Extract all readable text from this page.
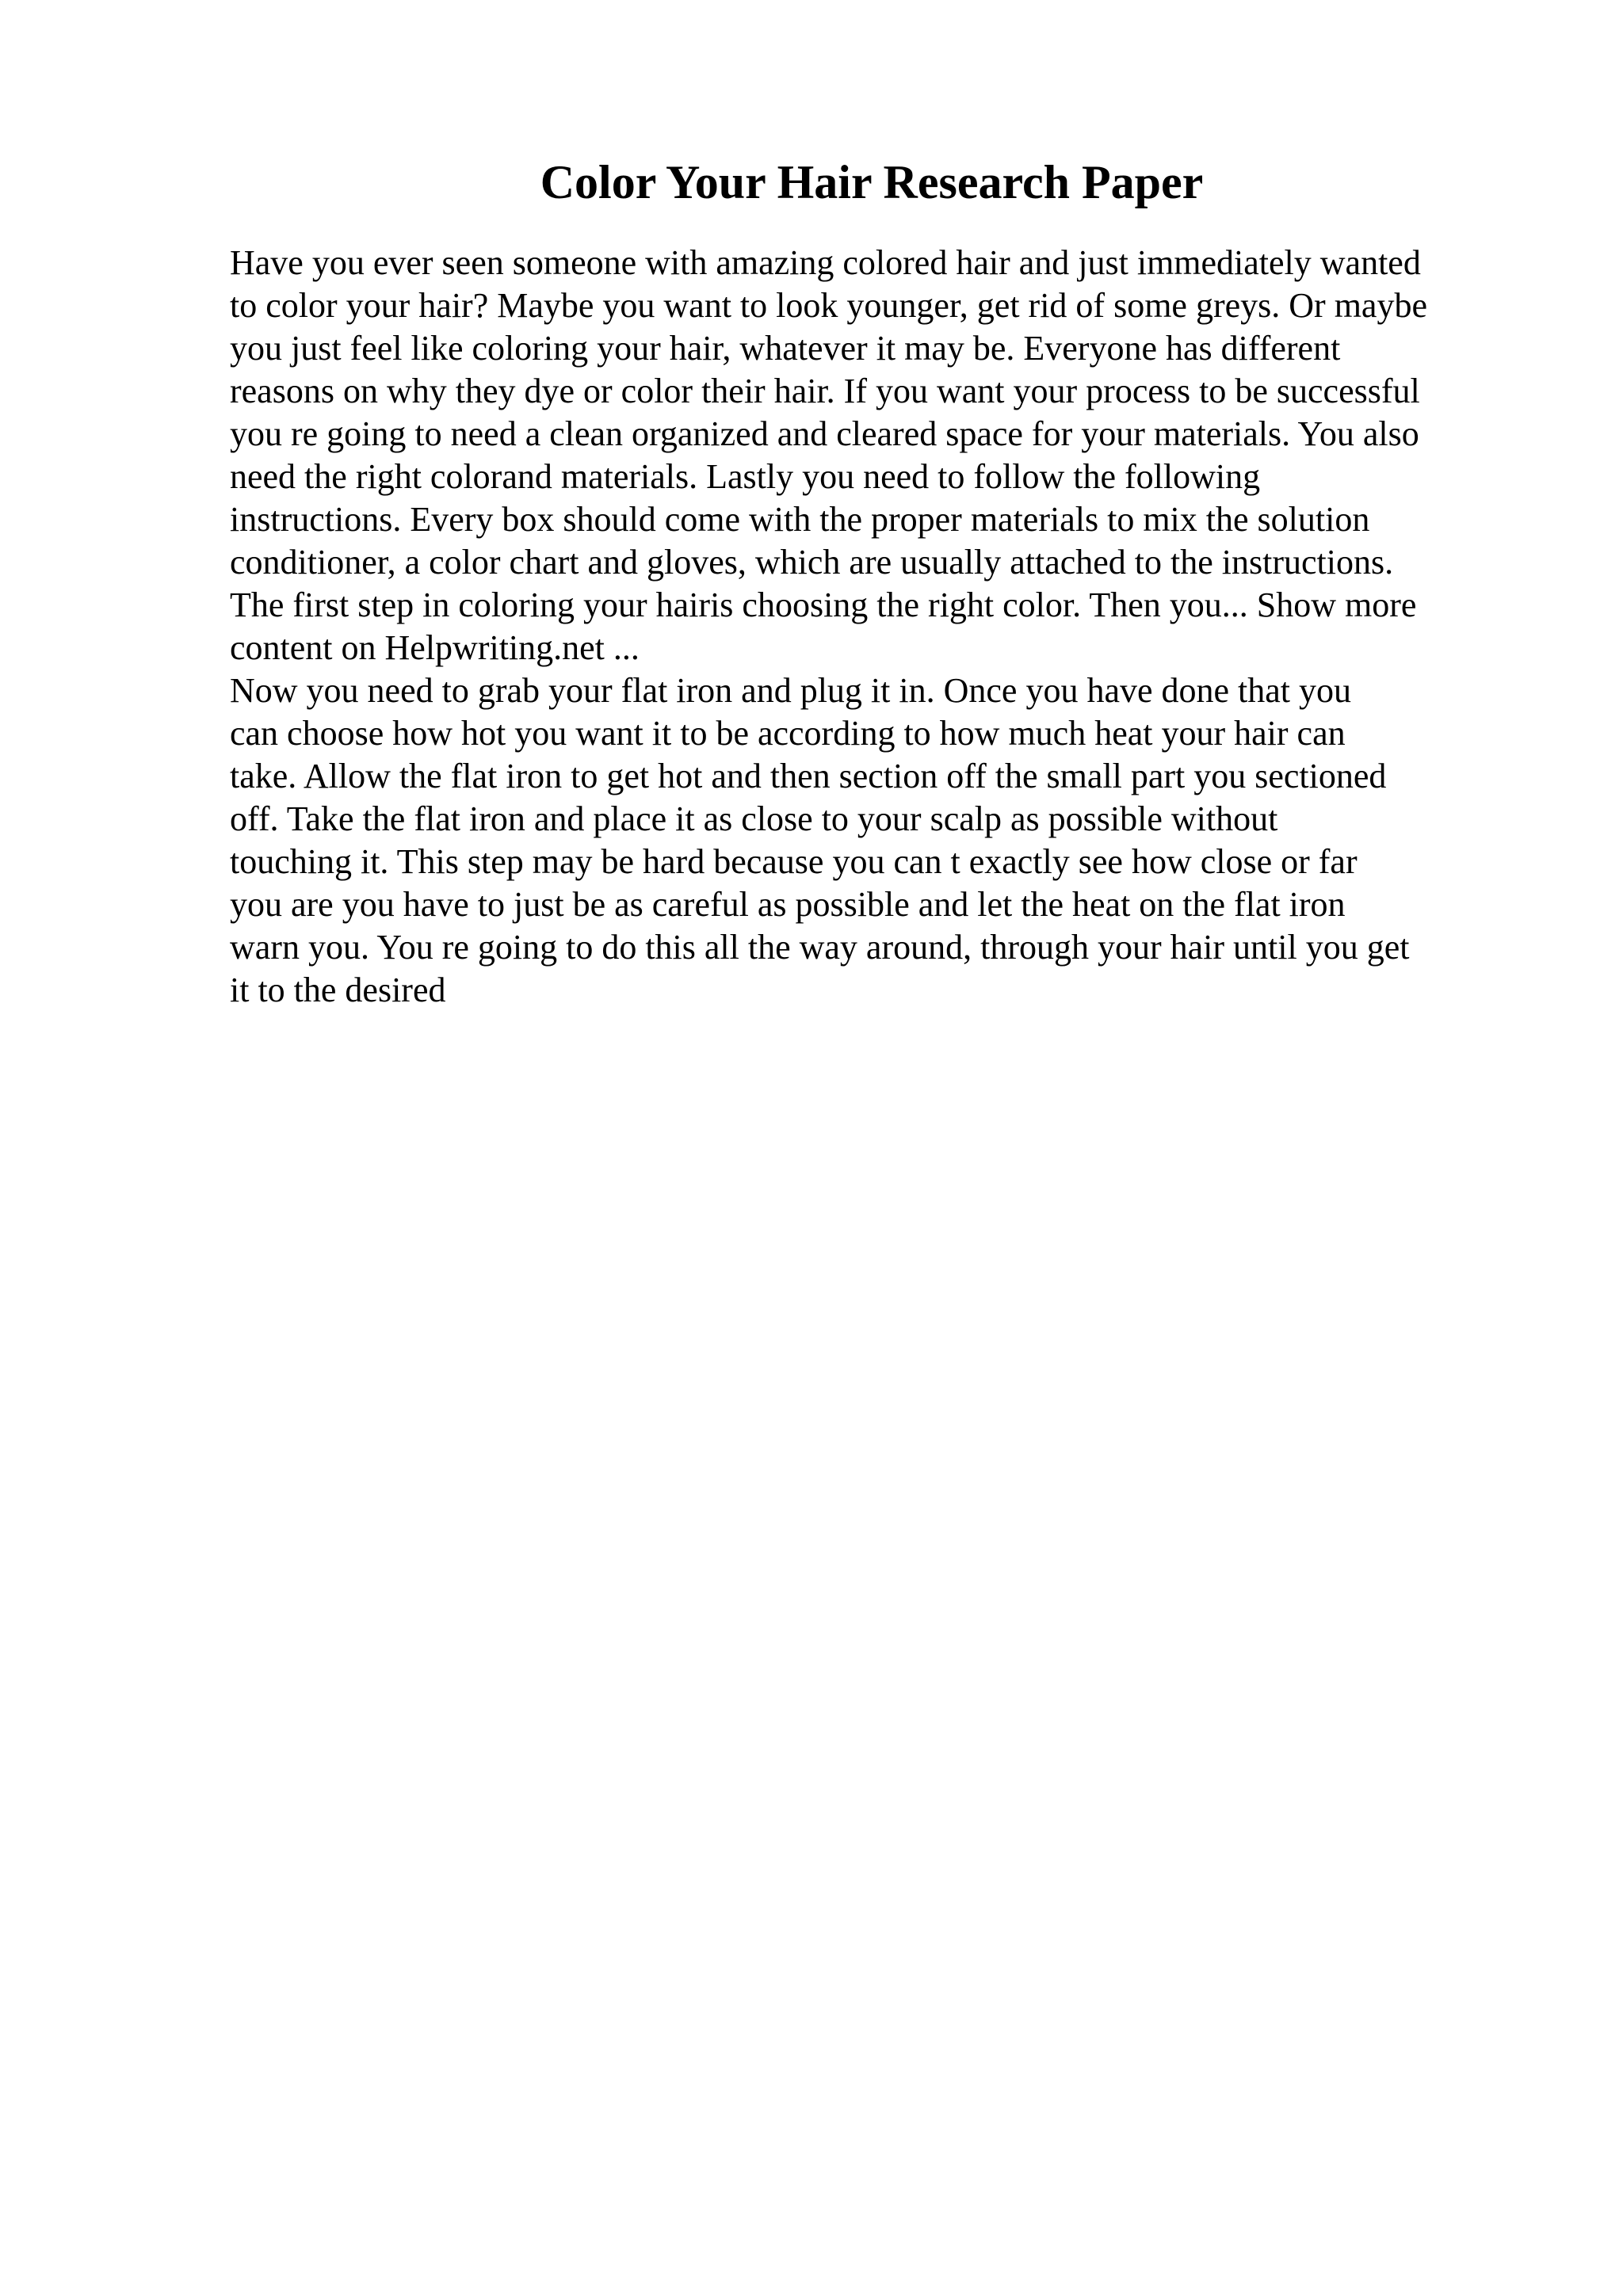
Color Your Hair Research Paper
Have you ever seen someone with amazing colored hair and just immediately wanted
to color your hair? Maybe you want to look younger, get rid of some greys. Or maybe
you just feel like coloring your hair, whatever it may be. Everyone has different
reasons on why they dye or color their hair. If you want your process to be successful
you re going to need a clean organized and cleared space for your materials. You also
need the right colorand materials. Lastly you need to follow the following
instructions. Every box should come with the proper materials to mix the solution
conditioner, a color chart and gloves, which are usually attached to the instructions.
The first step in coloring your hairis choosing the right color. Then you... Show more
content on Helpwriting.net ...
Now you need to grab your flat iron and plug it in. Once you have done that you
can choose how hot you want it to be according to how much heat your hair can
take. Allow the flat iron to get hot and then section off the small part you sectioned
off. Take the flat iron and place it as close to your scalp as possible without
touching it. This step may be hard because you can t exactly see how close or far
you are you have to just be as careful as possible and let the heat on the flat iron
warn you. You re going to do this all the way around, through your hair until you get
it to the desired
